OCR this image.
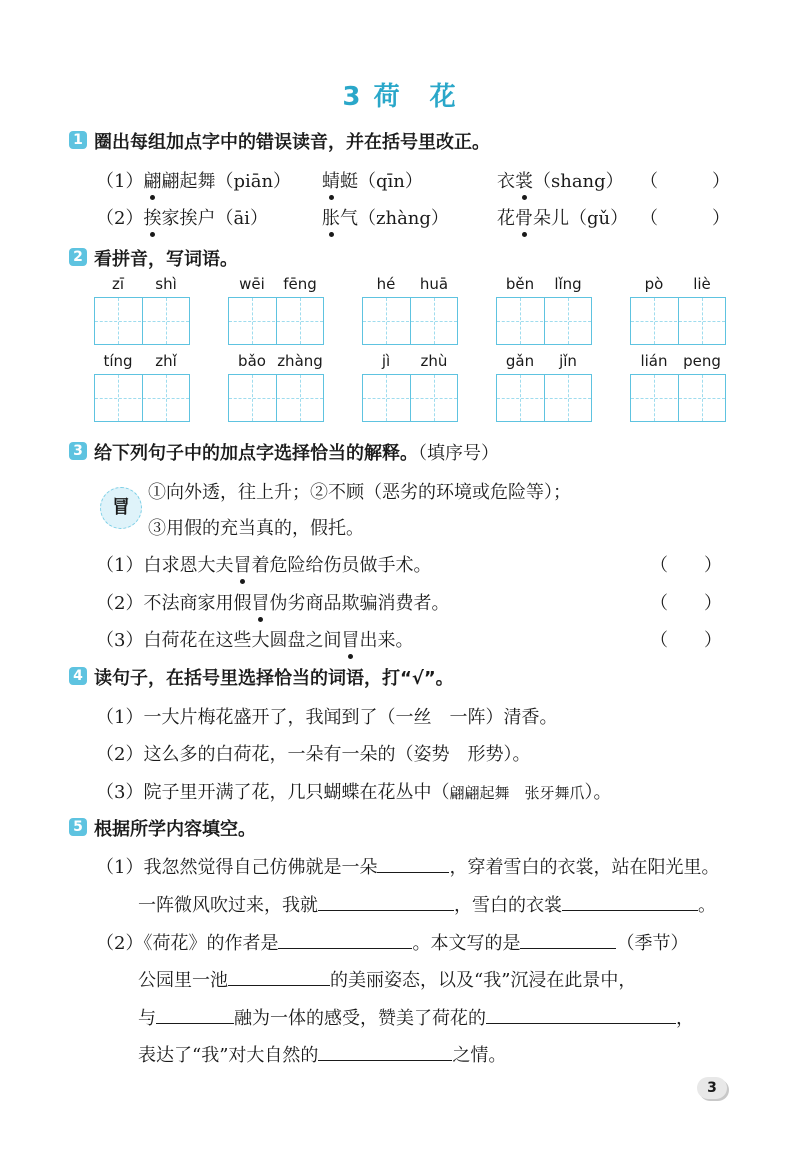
3 荷　花
1 圈出每组加点字中的错误读音，并在括号里改正。
（1）翩翩起舞（piān） 蜻蜓（qīn）	衣裳（shang） （　　　）
（2）挨家挨户（āi）	胀气（zhàng）	花骨朵儿（gǔ） （　　　）
2 看拼音，写词语。
zī	shì	wēi	fēng	hé	huā	běn	lǐng	pò	liè
tíng	zhǐ	bǎo zhàng	jì	zhù	gǎn	jǐn	lián	peng
3 给下列句子中的加点字选择恰当的解释。（填序号）
冒
①向外透，往上升；②不顾（恶劣的环境或危险等）；
③用假的充当真的，假托。
（1）白求恩大夫冒着危险给伤员做手术。	（　　）
（2）不法商家用假冒伪劣商品欺骗消费者。	（　　）
（3）白荷花在这些大圆盘之间冒出来。	（　　）
4 读句子，在括号里选择恰当的词语，打“√”。
（1）一大片梅花盛开了，我闻到了（一丝　一阵）清香。
（2）这么多的白荷花，一朵有一朵的（姿势　形势）。
（3）院子里开满了花，几只蝴蝶在花丛中（翩翩起舞　张牙舞爪）。
5 根据所学内容填空。
（1）我忽然觉得自己仿佛就是一朵	，穿着雪白的衣裳，站在阳光里。
一阵微风吹过来，我就	，雪白的衣裳	。
（2）《荷花》的作者是	。本文写的是	（季节）
公园里一池	的美丽姿态，以及“我”沉浸在此景中，
与	融为一体的感受，赞美了荷花的	，
表达了“我”对大自然的	之情。
3
